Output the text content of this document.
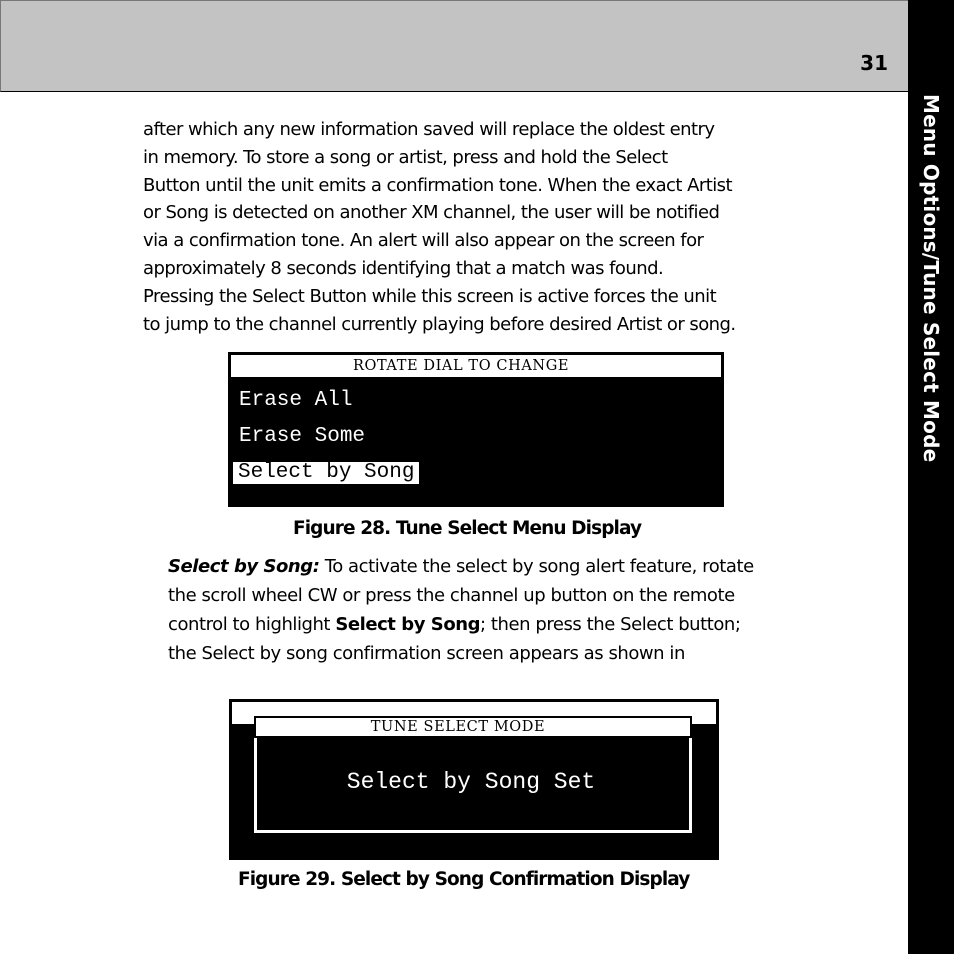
31
Menu Options/Tune Select Mode
after which any new information saved will replace the oldest entry
in memory. To store a song or artist, press and hold the Select
Button until the unit emits a confirmation tone. When the exact Artist
or Song is detected on another XM channel, the user will be notified
via a confirmation tone. An alert will also appear on the screen for
approximately 8 seconds identifying that a match was found.
Pressing the Select Button while this screen is active forces the unit
to jump to the channel currently playing before desired Artist or song.
ROTATE DIAL TO CHANGE
Erase All
Erase Some
Select by Song
Figure 28. Tune Select Menu Display
Select by Song: To activate the select by song alert feature, rotate
the scroll wheel CW or press the channel up button on the remote
control to highlight Select by Song; then press the Select button;
the Select by song confirmation screen appears as shown in
TUNE SELECT MODE
Select by Song Set
Figure 29. Select by Song Confirmation Display
